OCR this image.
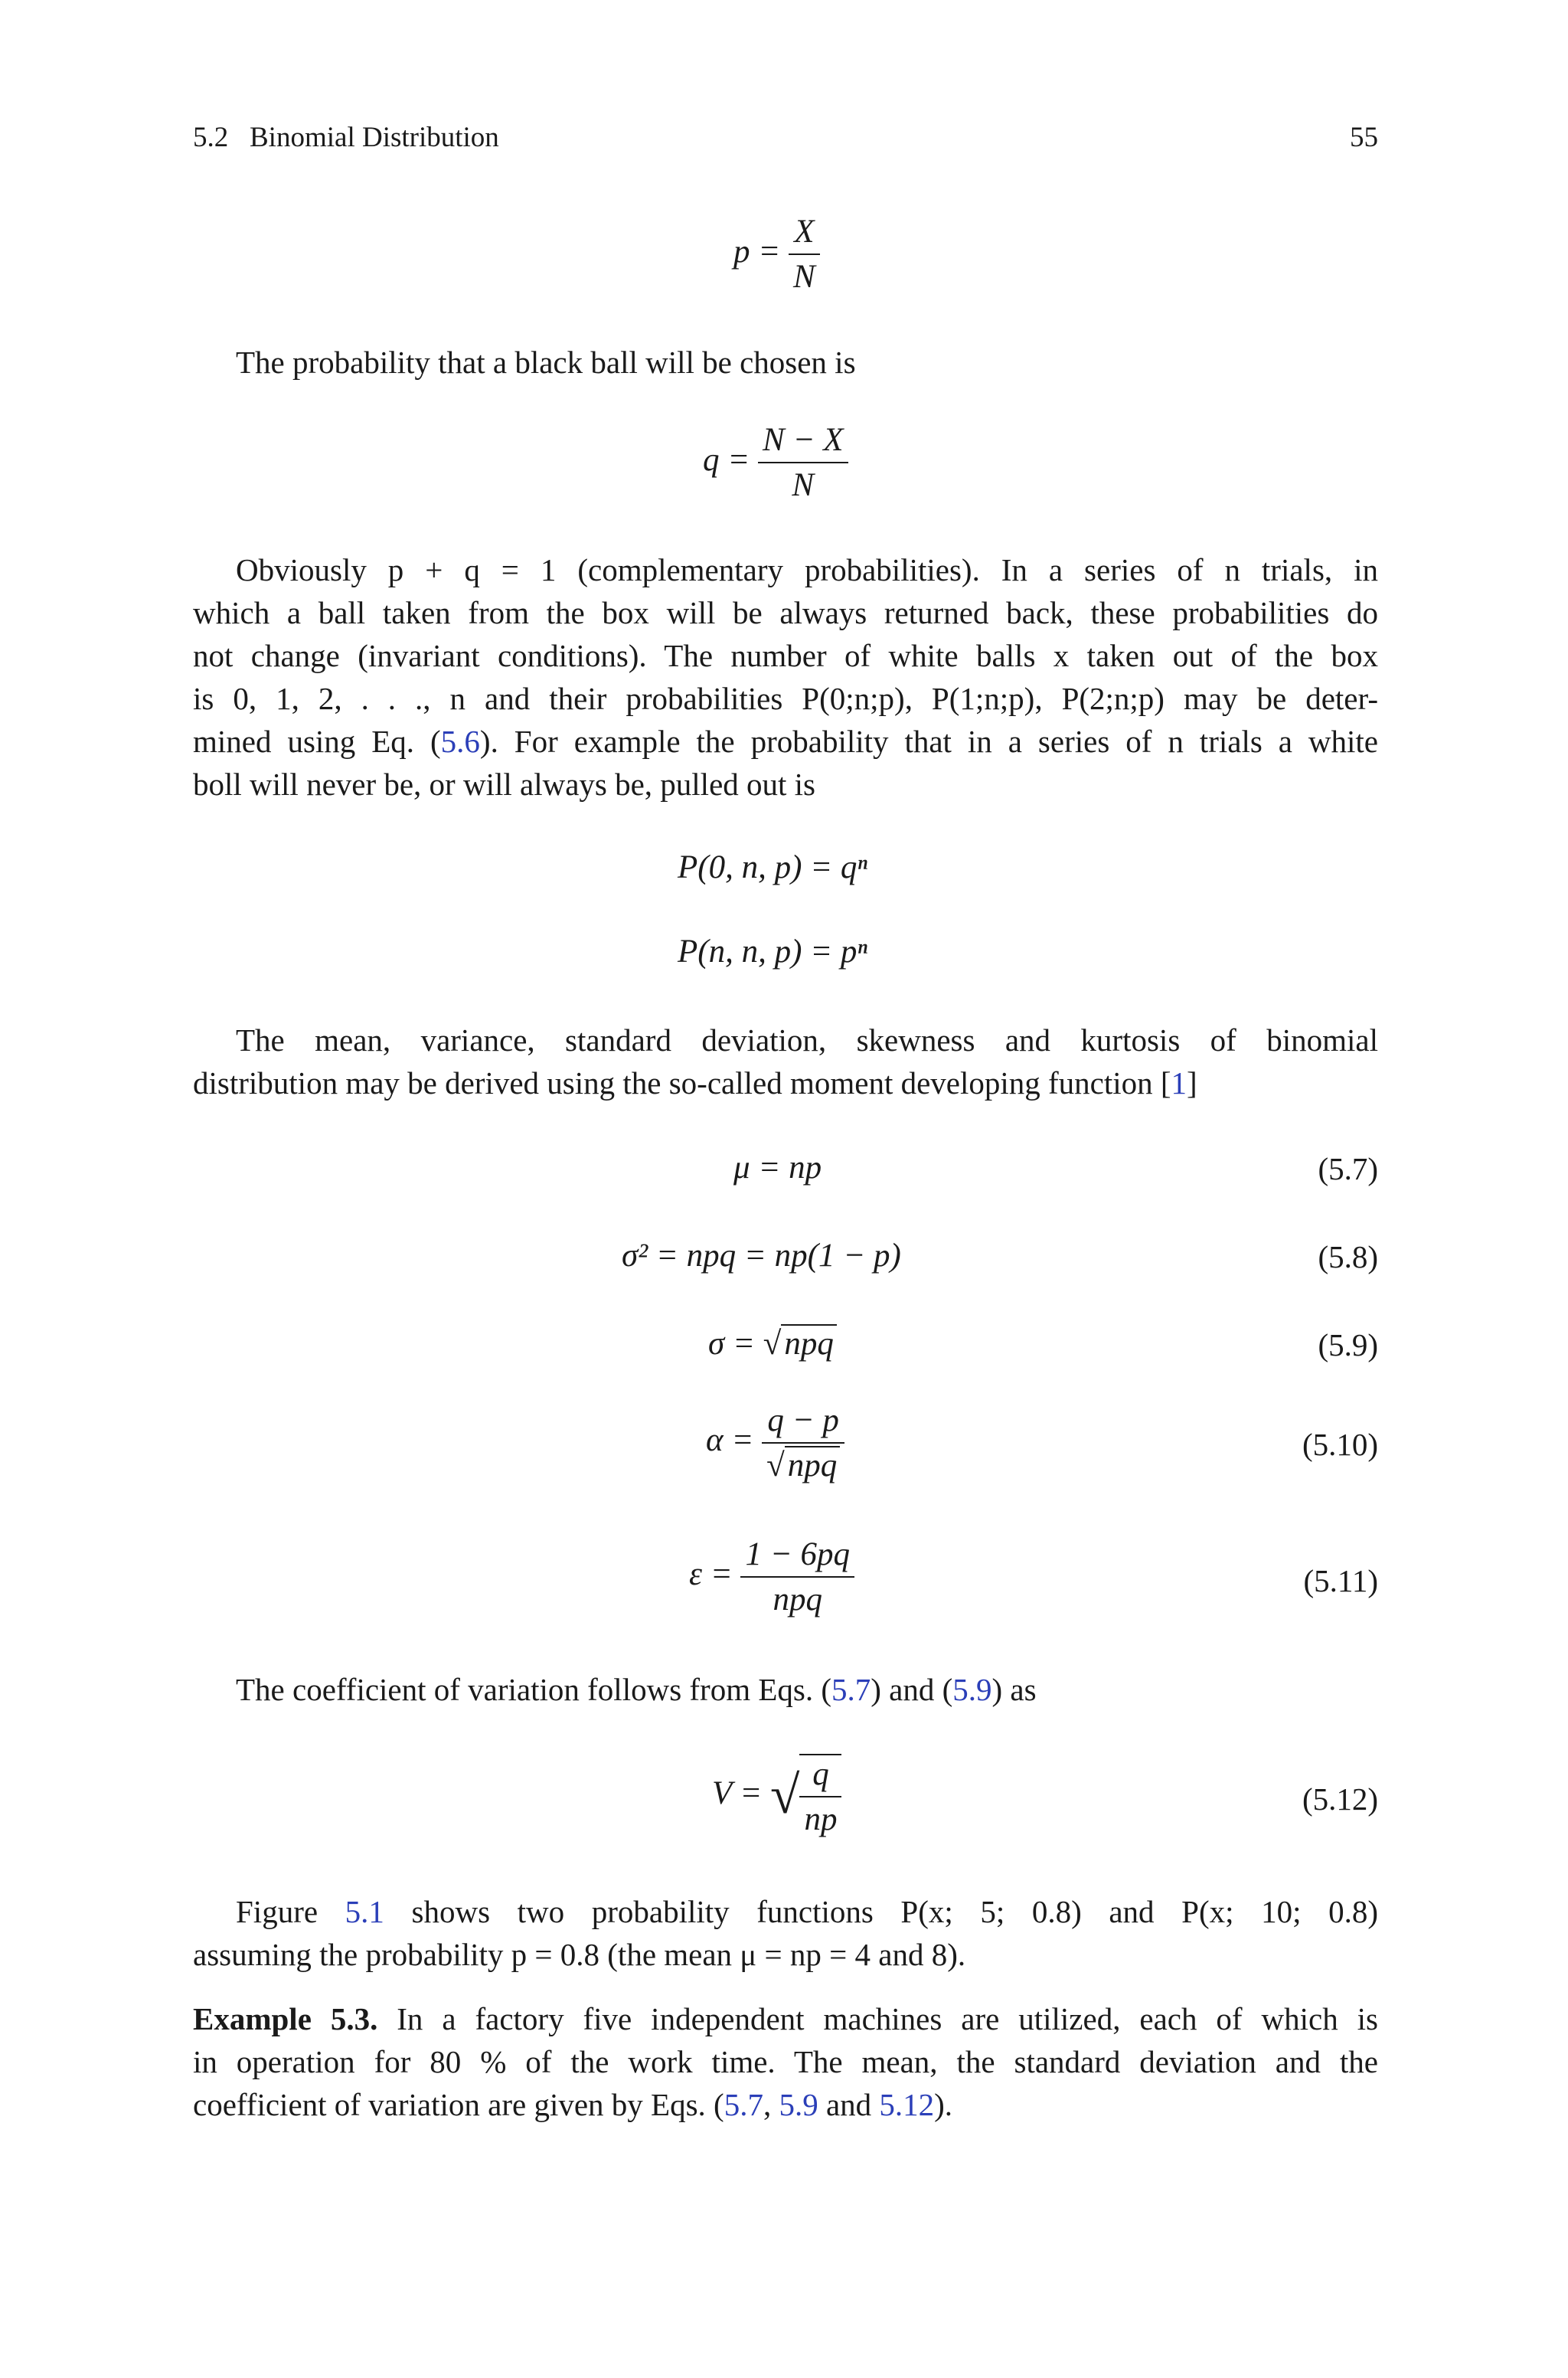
5.2   Binomial Distribution	55
$p = \frac{X}{N}$
The probability that a black ball will be chosen is
$q = \frac{N - X}{N}$
Obviously p + q = 1 (complementary probabilities). In a series of n trials, in
which a ball taken from the box will be always returned back, these probabilities do
not change (invariant conditions). The number of white balls x taken out of the box
is 0, 1, 2, . . ., n and their probabilities P(0;n;p), P(1;n;p), P(2;n;p) may be deter-
mined using Eq. (5.6). For example the probability that in a series of n trials a white
boll will never be, or will always be, pulled out is
P(0, n, p) = qⁿ
P(n, n, p) = pⁿ
The mean, variance, standard deviation, skewness and kurtosis of binomial
distribution may be derived using the so-called moment developing function [1]
μ = np	(5.7)
σ² = npq = np(1 − p)	(5.8)
σ = √npq	(5.9)
$\alpha = \frac{q - p}{\text{√npq}}$	(5.10)
$\varepsilon = \frac{1 - 6pq}{\text{npq}}$	(5.11)
The coefficient of variation follows from Eqs. (5.7) and (5.9) as
V = √ $\frac{q}{np}$	(5.12)
Figure 5.1 shows two probability functions P(x; 5; 0.8) and P(x; 10; 0.8)
assuming the probability p = 0.8 (the mean μ = np = 4 and 8).
Example 5.3. In a factory five independent machines are utilized, each of which is
in operation for 80 % of the work time. The mean, the standard deviation and the
coefficient of variation are given by Eqs. (5.7, 5.9 and 5.12).
